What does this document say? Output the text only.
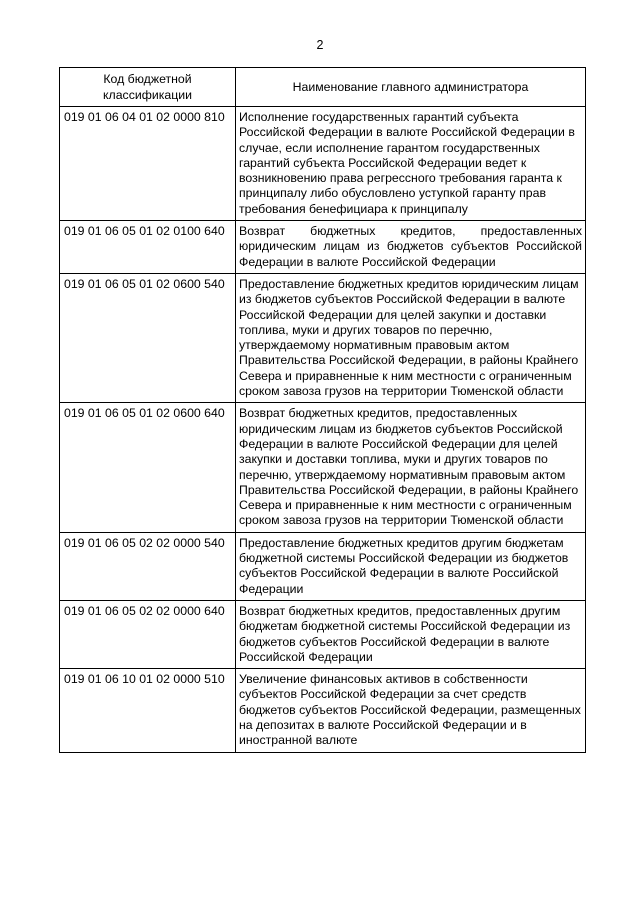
2
Код бюджетной классификации	Наименование главного администратора
019 01 06 04 01 02 0000 810	Исполнение государственных гарантий субъекта Российской Федерации в валюте Российской Федерации в случае, если исполнение гарантом государственных гарантий субъекта Российской Федерации ведет к возникновению права регрессного требования гаранта к принципалу либо обусловлено уступкой гаранту прав требования бенефициара к принципалу
019 01 06 05 01 02 0100 640	Возврат бюджетных кредитов, предоставленных юридическим лицам из бюджетов субъектов Российской Федерации в валюте Российской Федерации
019 01 06 05 01 02 0600 540	Предоставление бюджетных кредитов юридическим лицам из бюджетов субъектов Российской Федерации в валюте Российской Федерации для целей закупки и доставки топлива, муки и других товаров по перечню, утверждаемому нормативным правовым актом Правительства Российской Федерации, в районы Крайнего Севера и приравненные к ним местности с ограниченным сроком завоза грузов на территории Тюменской области
019 01 06 05 01 02 0600 640	Возврат бюджетных кредитов, предоставленных юридическим лицам из бюджетов субъектов Российской Федерации в валюте Российской Федерации для целей закупки и доставки топлива, муки и других товаров по перечню, утверждаемому нормативным правовым актом Правительства Российской Федерации, в районы Крайнего Севера и приравненные к ним местности с ограниченным сроком завоза грузов на территории Тюменской области
019 01 06 05 02 02 0000 540	Предоставление бюджетных кредитов другим бюджетам бюджетной системы Российской Федерации из бюджетов субъектов Российской Федерации в валюте Российской Федерации
019 01 06 05 02 02 0000 640	Возврат бюджетных кредитов, предоставленных другим бюджетам бюджетной системы Российской Федерации из бюджетов субъектов Российской Федерации в валюте Российской Федерации
019 01 06 10 01 02 0000 510	Увеличение финансовых активов в собственности субъектов Российской Федерации за счет средств бюджетов субъектов Российской Федерации, размещенных на депозитах в валюте Российской Федерации и в иностранной валюте
